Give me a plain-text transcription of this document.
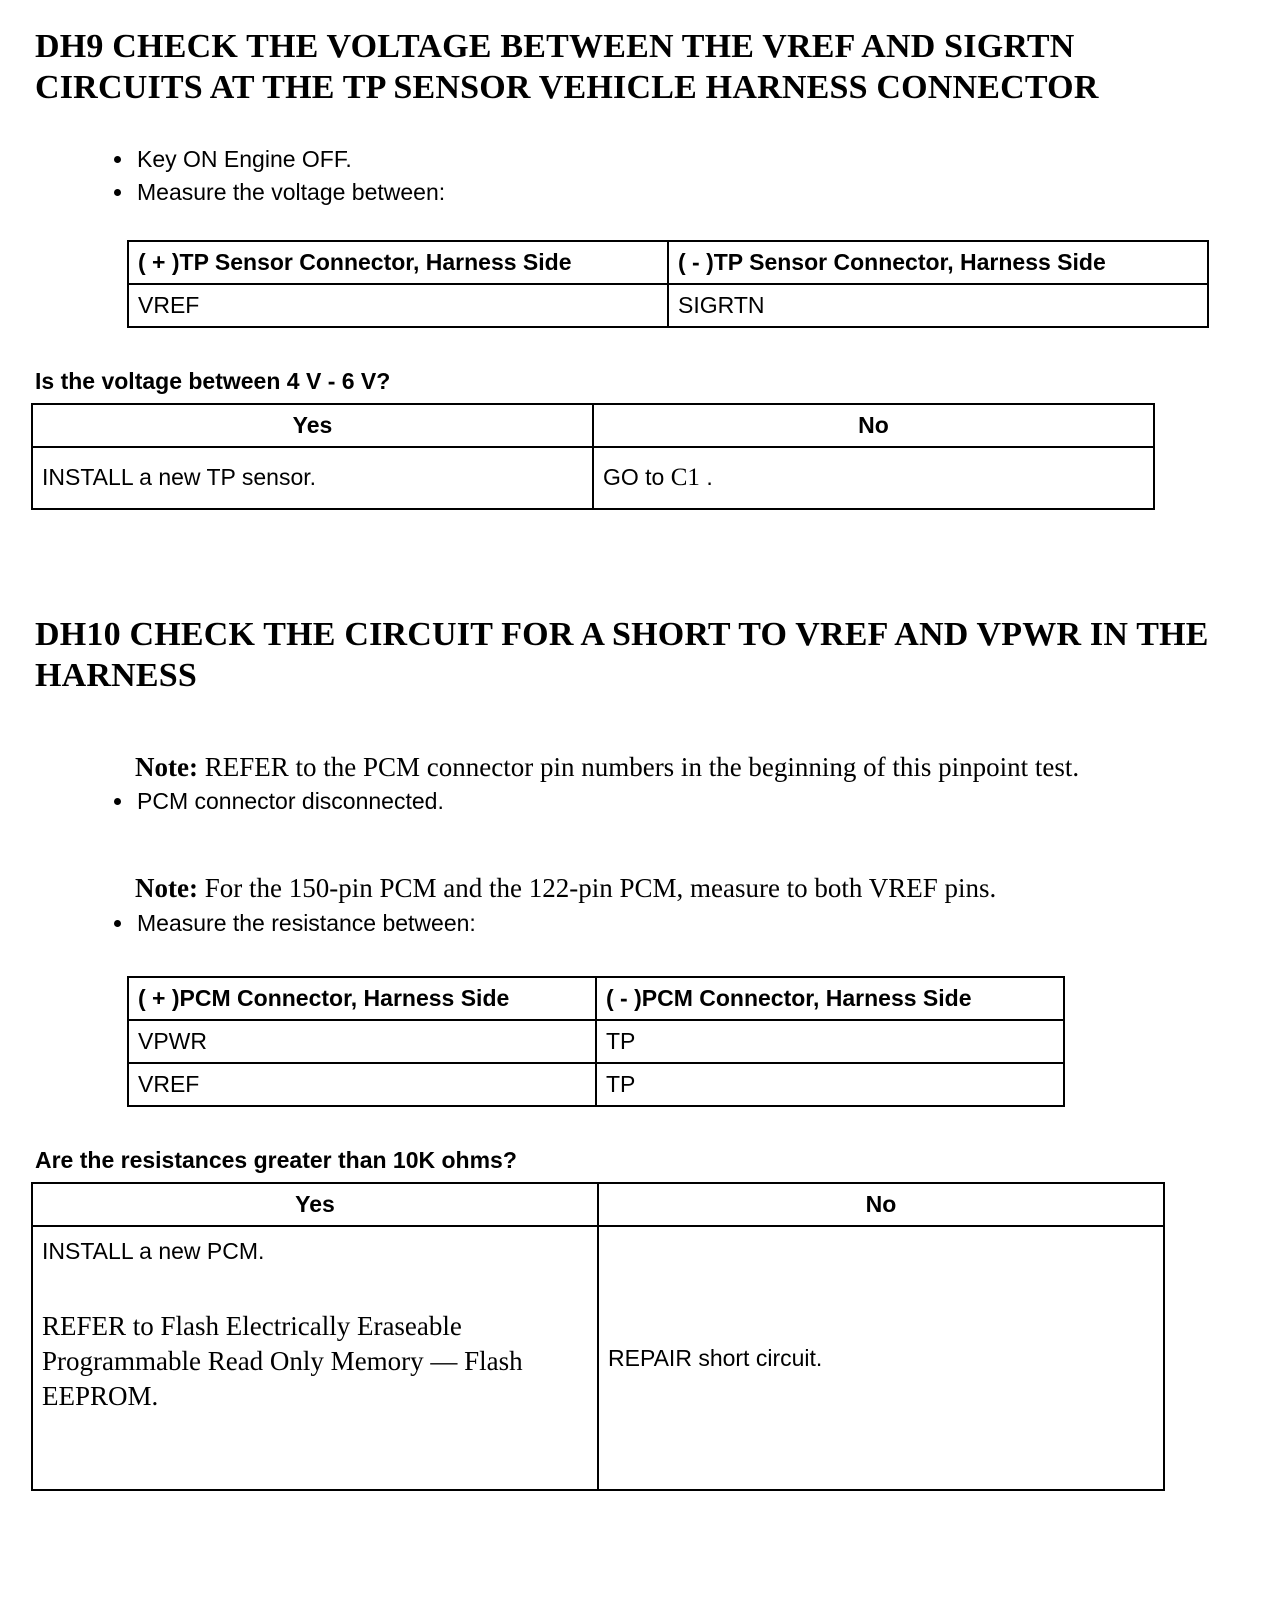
DH9 CHECK THE VOLTAGE BETWEEN THE VREF AND SIGRTN CIRCUITS AT THE TP SENSOR VEHICLE HARNESS CONNECTOR
• Key ON Engine OFF.
• Measure the voltage between:
( + )TP Sensor Connector, Harness Side	( - )TP Sensor Connector, Harness Side
VREF	SIGRTN
Is the voltage between 4 V - 6 V?
Yes	No
INSTALL a new TP sensor.	GO to C1 .
DH10 CHECK THE CIRCUIT FOR A SHORT TO VREF AND VPWR IN THE HARNESS

Note: REFER to the PCM connector pin numbers in the beginning of this pinpoint test.

• PCM connector disconnected.

Note: For the 150-pin PCM and the 122-pin PCM, measure to both VREF pins.

• Measure the resistance between:
( + )PCM Connector, Harness Side	( - )PCM Connector, Harness Side
VPWR	TP
VREF	TP
Are the resistances greater than 10K ohms?
Yes	No

INSTALL a new PCM.

REFER to Flash Electrically Eraseable Programmable Read Only Memory — Flash EEPROM.	REPAIR short circuit.
